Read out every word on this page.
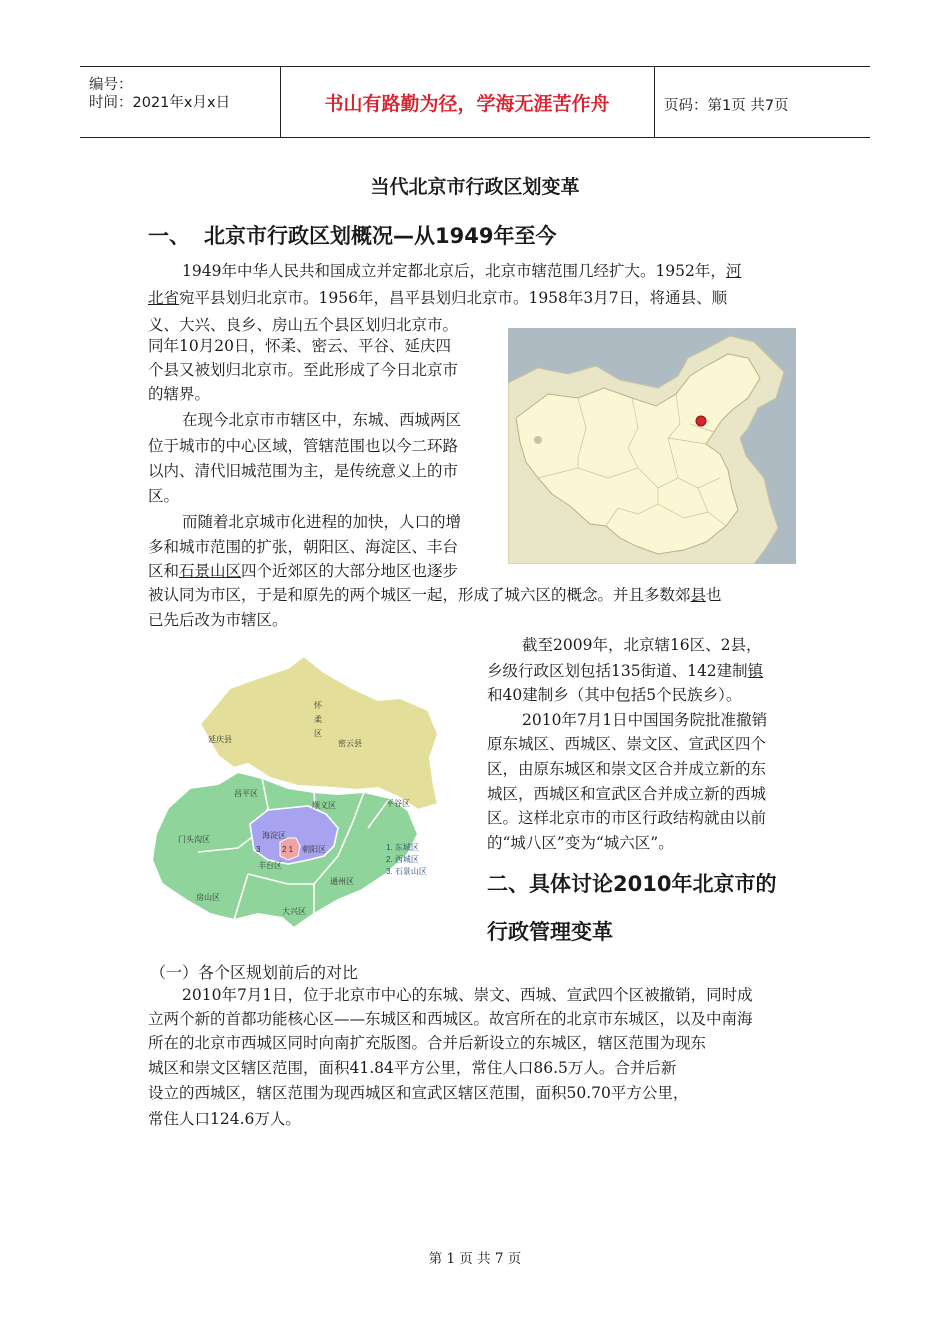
编号：
时间：2021年x月x日	书山有路勤为径，学海无涯苦作舟	页码：第1页 共7页
当代北京市行政区划变革
一、 北京市行政区划概况—从1949年至今
1949年中华人民共和国成立并定都北京后，北京市辖范围几经扩大。1952年，河
北省宛平县划归北京市。1956年，昌平县划归北京市。1958年3月7日，将通县、顺
义、大兴、良乡、房山五个县区划归北京市。
同年10月20日，怀柔、密云、平谷、延庆四
个县又被划归北京市。至此形成了今日北京市
的辖界。
在现今北京市市辖区中，东城、西城两区
位于城市的中心区域，管辖范围也以今二环路
以内、清代旧城范围为主，是传统意义上的市
区。
而随着北京城市化进程的加快，人口的增
多和城市范围的扩张，朝阳区、海淀区、丰台
区和石景山区四个近郊区的大部分地区也逐步
被认同为市区，于是和原先的两个城区一起，形成了城六区的概念。并且多数郊县也
已先后改为市辖区。
截至2009年，北京辖16区、2县，
乡级行政区划包括135街道、142建制镇
和40建制乡（其中包括5个民族乡）。
2010年7月1日中国国务院批准撤销
原东城区、西城区、崇文区、宣武区四个
区，由原东城区和崇文区合并成立新的东
城区，西城区和宣武区合并成立新的西城
区。这样北京市的市区行政结构就由以前
的“城八区”变为“城六区”。
二、具体讨论2010年北京市的
行政管理变革
（一）各个区规划前后的对比
2010年7月1日，位于北京市中心的东城、崇文、西城、宣武四个区被撤销，同时成
立两个新的首都功能核心区——东城区和西城区。故宫所在的北京市东城区，以及中南海
所在的北京市西城区同时向南扩充版图。合并后新设立的东城区，辖区范围为现东
城区和崇文区辖区范围，面积41.84平方公里，常住人口86.5万人。合并后新
设立的西城区，辖区范围为现西城区和宣武区辖区范围，面积50.70平方公里，
常住人口124.6万人。
怀
柔
区
延庆县	密云县
昌平区
顺义区	平谷区
门头沟区	海淀区
朝阳区
丰台区
3	2 1
房山区
通州区
大兴区
1. 东城区
2. 西城区
3. 石景山区
第 1 页 共 7 页
